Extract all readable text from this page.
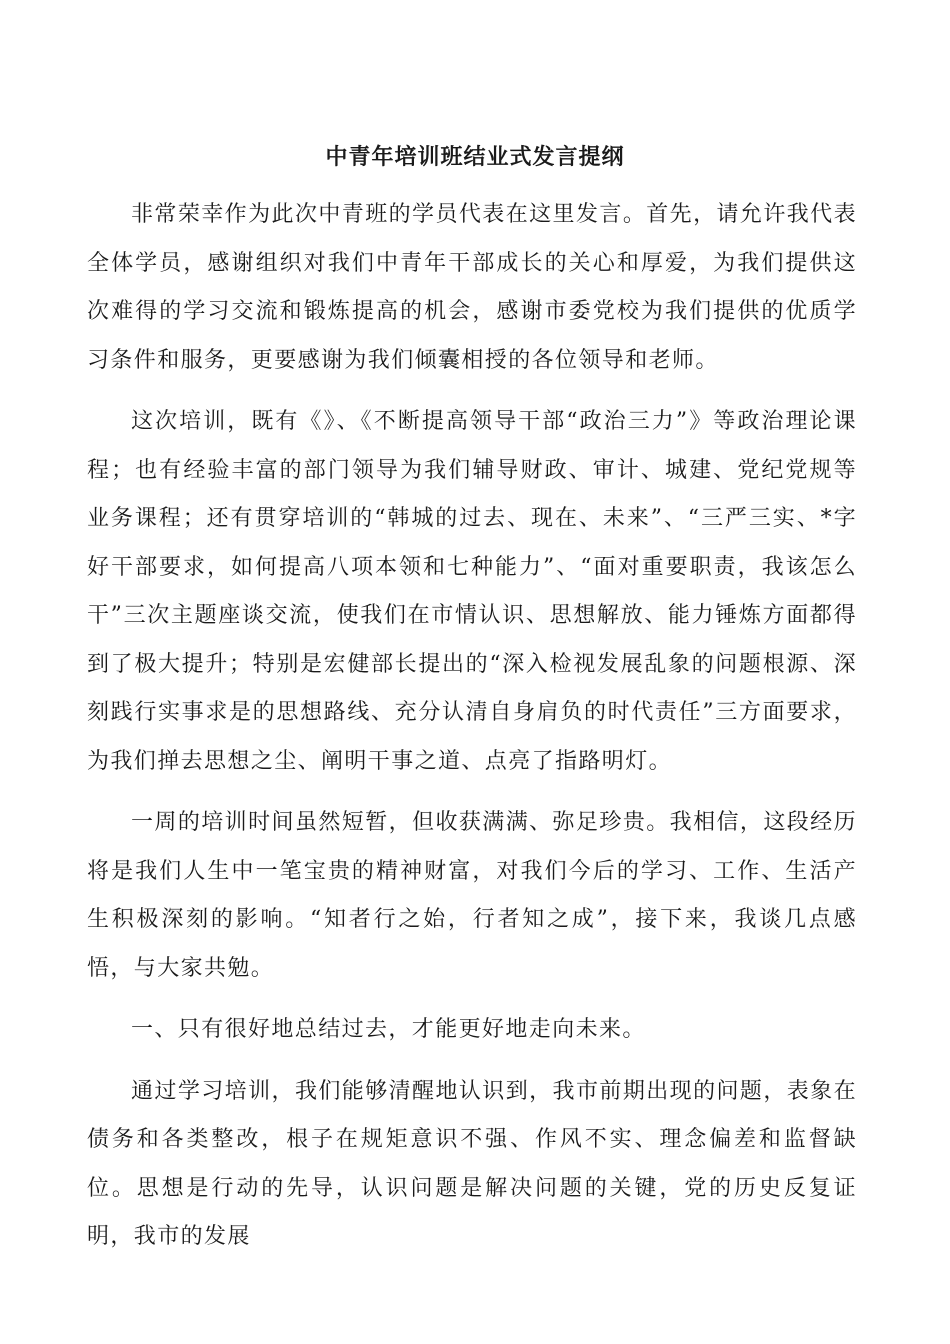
中青年培训班结业式发言提纲

非常荣幸作为此次中青班的学员代表在这里发言。首先，请允许我代表全体学员，感谢组织对我们中青年干部成长的关心和厚爱，为我们提供这次难得的学习交流和锻炼提高的机会，感谢市委党校为我们提供的优质学习条件和服务，更要感谢为我们倾囊相授的各位领导和老师。

这次培训，既有《》、《不断提高领导干部“政治三力”》等政治理论课程；也有经验丰富的部门领导为我们辅导财政、审计、城建、党纪党规等业务课程；还有贯穿培训的“韩城的过去、现在、未来”、“三严三实、*字好干部要求，如何提高八项本领和七种能力”、“面对重要职责，我该怎么干”三次主题座谈交流，使我们在市情认识、思想解放、能力锤炼方面都得到了极大提升；特别是宏健部长提出的“深入检视发展乱象的问题根源、深刻践行实事求是的思想路线、充分认清自身肩负的时代责任”三方面要求，为我们掸去思想之尘、阐明干事之道、点亮了指路明灯。

一周的培训时间虽然短暂，但收获满满、弥足珍贵。我相信，这段经历将是我们人生中一笔宝贵的精神财富，对我们今后的学习、工作、生活产生积极深刻的影响。“知者行之始，行者知之成”，接下来，我谈几点感悟，与大家共勉。

一、只有很好地总结过去，才能更好地走向未来。

通过学习培训，我们能够清醒地认识到，我市前期出现的问题，表象在债务和各类整改，根子在规矩意识不强、作风不实、理念偏差和监督缺位。思想是行动的先导，认识问题是解决问题的关键，党的历史反复证明，我市的发展
